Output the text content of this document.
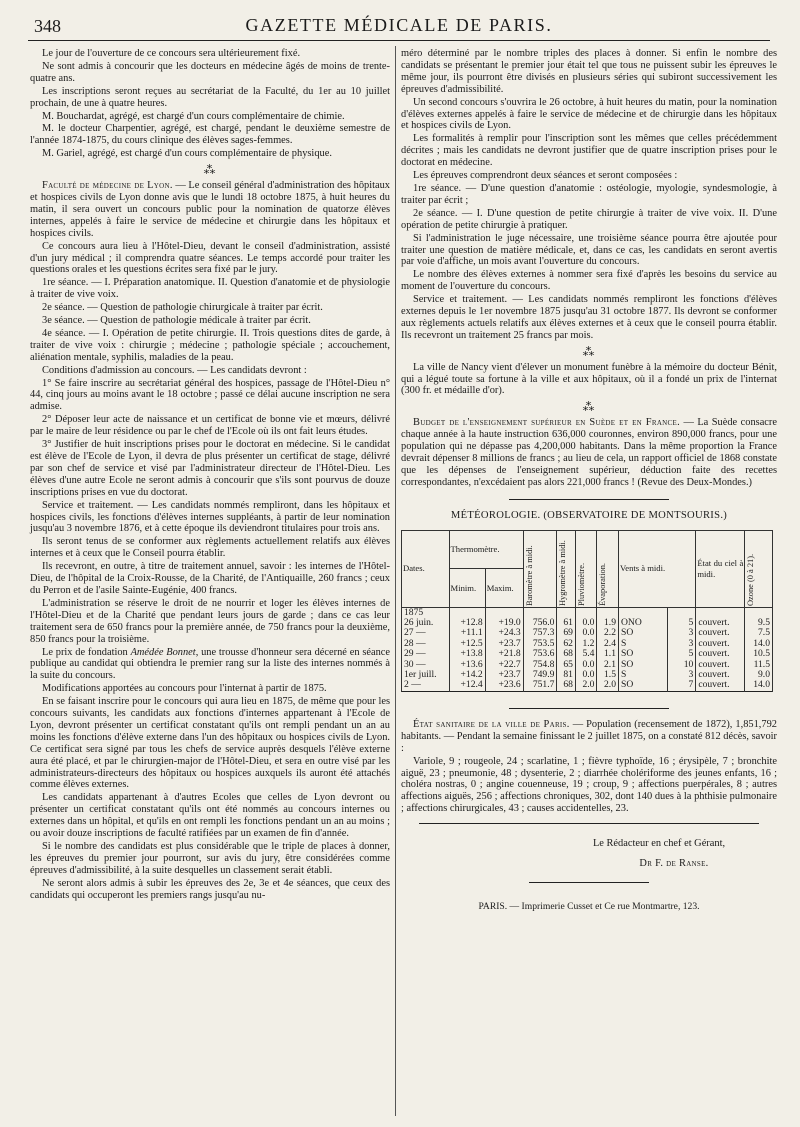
348	GAZETTE MÉDICALE DE PARIS.

Le jour de l'ouverture de ce concours sera ultérieurement fixé.

Ne sont admis à concourir que les docteurs en médecine âgés de moins de trente-quatre ans.

Les inscriptions seront reçues au secrétariat de la Faculté, du 1er au 10 juillet prochain, de une à quatre heures.

M. Bouchardat, agrégé, est chargé d'un cours complémentaire de chimie.

M. le docteur Charpentier, agrégé, est chargé, pendant le deuxième semestre de l'année 1874-1875, du cours clinique des élèves sages-femmes.

M. Gariel, agrégé, est chargé d'un cours complémentaire de physique.

⁂

Faculté de médecine de Lyon. — Le conseil général d'administration des hôpitaux et hospices civils de Lyon donne avis que le lundi 18 octobre 1875, à huit heures du matin, il sera ouvert un concours public pour la nomination de quatorze élèves internes, appelés à faire le service de médecine et chirurgie dans les hôpitaux et hospices civils.

Ce concours aura lieu à l'Hôtel-Dieu, devant le conseil d'administration, assisté d'un jury médical ; il comprendra quatre séances. Le temps accordé pour traiter les questions orales et les questions écrites sera fixé par le jury.

1re séance. — I. Préparation anatomique. II. Question d'anatomie et de physiologie à traiter de vive voix.

2e séance. — Question de pathologie chirurgicale à traiter par écrit.

3e séance. — Question de pathologie médicale à traiter par écrit.

4e séance. — I. Opération de petite chirurgie. II. Trois questions dites de garde, à traiter de vive voix : chirurgie ; médecine ; pathologie spéciale ; accouchement, aliénation mentale, syphilis, maladies de la peau.

Conditions d'admission au concours. — Les candidats devront :

1° Se faire inscrire au secrétariat général des hospices, passage de l'Hôtel-Dieu n° 44, cinq jours au moins avant le 18 octobre ; passé ce délai aucune inscription ne sera admise.

2° Déposer leur acte de naissance et un certificat de bonne vie et mœurs, délivré par le maire de leur résidence ou par le chef de l'Ecole où ils ont fait leurs études.

3° Justifier de huit inscriptions prises pour le doctorat en médecine. Si le candidat est élève de l'Ecole de Lyon, il devra de plus présenter un certificat de stage, délivré par son chef de service et visé par l'administrateur directeur de l'Hôtel-Dieu. Les élèves d'une autre Ecole ne seront admis à concourir que s'ils sont pourvus de douze inscriptions prises en vue du doctorat.

Service et traitement. — Les candidats nommés rempliront, dans les hôpitaux et hospices civils, les fonctions d'élèves internes suppléants, à partir de leur nomination jusqu'au 3 novembre 1876, et à cette époque ils deviendront titulaires pour trois ans.

Ils seront tenus de se conformer aux règlements actuellement relatifs aux élèves internes et à ceux que le Conseil pourra établir.

Ils recevront, en outre, à titre de traitement annuel, savoir : les internes de l'Hôtel-Dieu, de l'hôpital de la Croix-Rousse, de la Charité, de l'Antiquaille, 260 francs ; ceux du Perron et de l'asile Sainte-Eugénie, 400 francs.

L'administration se réserve le droit de ne nourrir et loger les élèves internes de l'Hôtel-Dieu et de la Charité que pendant leurs jours de garde ; dans ce cas leur traitement sera de 650 francs pour la première année, de 750 francs pour la deuxième, 850 francs pour la troisième.

Le prix de fondation Amédée Bonnet, une trousse d'honneur sera décerné en séance publique au candidat qui obtiendra le premier rang sur la liste des internes nommés à la suite du concours.

Modifications apportées au concours pour l'internat à partir de 1875.

En se faisant inscrire pour le concours qui aura lieu en 1875, de même que pour les concours suivants, les candidats aux fonctions d'internes appartenant à l'Ecole de Lyon, devront présenter un certificat constatant qu'ils ont rempli pendant un an au moins les fonctions d'élève externe dans l'un des hôpitaux ou hospices civils de Lyon. Ce certificat sera signé par tous les chefs de service auprès desquels l'élève externe aura été placé, et par le chirurgien-major de l'Hôtel-Dieu, et sera en outre visé par les administrateurs-directeurs des hôpitaux ou hospices auxquels ils auront été attachés comme élèves externes.

Les candidats appartenant à d'autres Ecoles que celles de Lyon devront ou présenter un certificat constatant qu'ils ont été nommés au concours internes ou externes dans un hôpital, et qu'ils en ont rempli les fonctions pendant un an au moins ; ou avoir douze inscriptions de faculté ratifiées par un examen de fin d'année.

Si le nombre des candidats est plus considérable que le triple de places à donner, les épreuves du premier jour pourront, sur avis du jury, être considérées comme épreuves d'admissibilité, à la suite desquelles un classement serait établi.

Ne seront alors admis à subir les épreuves des 2e, 3e et 4e séances, que ceux des candidats qui occuperont les premiers rangs jusqu'au nu-

méro déterminé par le nombre triples des places à donner. Si enfin le nombre des candidats se présentant le premier jour était tel que tous ne puissent subir les épreuves le même jour, ils pourront être divisés en plusieurs séries qui subiront successivement les épreuves d'admissibilité.

Un second concours s'ouvrira le 26 octobre, à huit heures du matin, pour la nomination d'élèves externes appelés à faire le service de médecine et de chirurgie dans les hôpitaux et hospices civils de Lyon.

Les formalités à remplir pour l'inscription sont les mêmes que celles précédemment décrites ; mais les candidats ne devront justifier que de quatre inscription prises pour le doctorat en médecine.

Les épreuves comprendront deux séances et seront composées :

1re séance. — D'une question d'anatomie : ostéologie, myologie, syndesmologie, à traiter par écrit ;

2e séance. — I. D'une question de petite chirurgie à traiter de vive voix. II. D'une opération de petite chirurgie à pratiquer.

Si l'administration le juge nécessaire, une troisième séance pourra être ajoutée pour traiter une question de matière médicale, et, dans ce cas, les candidats en seront avertis par voie d'affiche, un mois avant l'ouverture du concours.

Le nombre des élèves externes à nommer sera fixé d'après les besoins du service au moment de l'ouverture du concours.

Service et traitement. — Les candidats nommés rempliront les fonctions d'élèves externes depuis le 1er novembre 1875 jusqu'au 31 octobre 1877. Ils devront se conformer aux règlements actuels relatifs aux élèves externes et à ceux que le conseil pourra établir. Ils recevront un traitement 25 francs par mois.

⁂

La ville de Nancy vient d'élever un monument funèbre à la mémoire du docteur Bénit, qui a légué toute sa fortune à la ville et aux hôpitaux, où il a fondé un prix de l'internat (300 fr. et médaille d'or).

⁂

Budget de l'enseignement supérieur en Suède et en France. — La Suède consacre chaque année à la haute instruction 636,000 couronnes, environ 890,000 francs, pour une population qui ne dépasse pas 4,200,000 habitants. Dans la même proportion la France devrait dépenser 8 millions de francs ; au lieu de cela, un rapport officiel de 1868 constate que les dépenses de l'enseignement supérieur, déduction faite des recettes correspondantes, n'excédaient pas alors 221,000 francs ! (Revue des Deux-Mondes.)

MÉTÉOROLOGIE. (OBSERVATOIRE DE MONTSOURIS.)
Dates.	Thermomètre.		Baromètre à midi.	Hygromètre à midi.	Pluviomètre.	Évaporation.	Vents à midi.		État du ciel à midi.	Ozone (0 à 21).

	Minim.	Maxim.								
1875										
26 juin.	+12.8	+19.0	756.0	61	0.0	1.9	ONO	5	couvert.	9.5
27 —	+11.1	+24.3	757.3	69	0.0	2.2	SO	3	couvert.	7.5
28 —	+12.5	+23.7	753.5	62	1.2	2.4	S	3	couvert.	14.0
29 —	+13.8	+21.8	753.6	68	5.4	1.1	SO	5	couvert.	10.5
30 —	+13.6	+22.7	754.8	65	0.0	2.1	SO	10	couvert.	11.5
1er juill.	+14.2	+23.7	749.9	81	0.0	1.5	S	3	couvert.	9.0
2 —	+12.4	+23.6	751.7	68	2.0	2.0	SO	7	couvert.	14.0

État sanitaire de la ville de Paris. — Population (recensement de 1872), 1,851,792 habitants. — Pendant la semaine finissant le 2 juillet 1875, on a constaté 812 décès, savoir :

Variole, 9 ; rougeole, 24 ; scarlatine, 1 ; fièvre typhoïde, 16 ; érysipèle, 7 ; bronchite aiguë, 23 ; pneumonie, 48 ; dysenterie, 2 ; diarrhée cholériforme des jeunes enfants, 16 ; choléra nostras, 0 ; angine couenneuse, 19 ; croup, 9 ; affections puerpérales, 8 ; autres affections aiguës, 256 ; affections chroniques, 302, dont 140 dues à la phthisie pulmonaire ; affections chirurgicales, 43 ; causes accidentelles, 23.

Le Rédacteur en chef et Gérant,
Dr F. de Ranse.
PARIS. — Imprimerie Cusset et Ce rue Montmartre, 123.
